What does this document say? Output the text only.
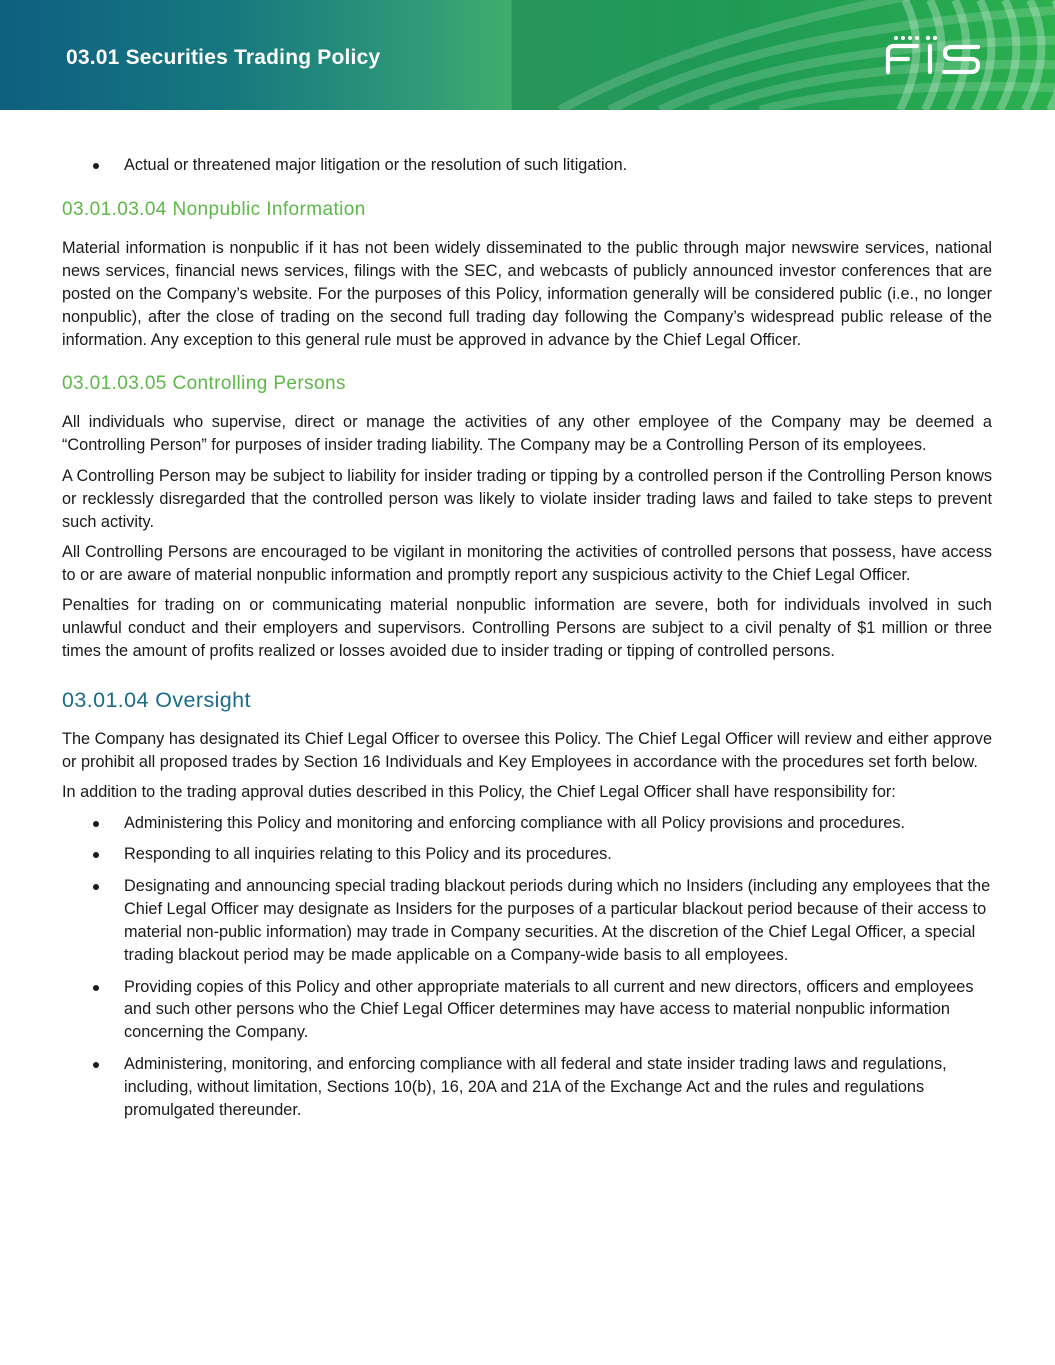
03.01 Securities Trading Policy
Actual or threatened major litigation or the resolution of such litigation.
03.01.03.04 Nonpublic Information

Material information is nonpublic if it has not been widely disseminated to the public through major newswire services, national news services, financial news services, filings with the SEC, and webcasts of publicly announced investor conferences that are posted on the Company’s website. For the purposes of this Policy, information generally will be considered public (i.e., no longer nonpublic), after the close of trading on the second full trading day following the Company’s widespread public release of the information. Any exception to this general rule must be approved in advance by the Chief Legal Officer.

03.01.03.05 Controlling Persons

All individuals who supervise, direct or manage the activities of any other employee of the Company may be deemed a “Controlling Person” for purposes of insider trading liability. The Company may be a Controlling Person of its employees.

A Controlling Person may be subject to liability for insider trading or tipping by a controlled person if the Controlling Person knows or recklessly disregarded that the controlled person was likely to violate insider trading laws and failed to take steps to prevent such activity.

All Controlling Persons are encouraged to be vigilant in monitoring the activities of controlled persons that possess, have access to or are aware of material nonpublic information and promptly report any suspicious activity to the Chief Legal Officer.

Penalties for trading on or communicating material nonpublic information are severe, both for individuals involved in such unlawful conduct and their employers and supervisors. Controlling Persons are subject to a civil penalty of $1 million or three times the amount of profits realized or losses avoided due to insider trading or tipping of controlled persons.

03.01.04 Oversight

The Company has designated its Chief Legal Officer to oversee this Policy. The Chief Legal Officer will review and either approve or prohibit all proposed trades by Section 16 Individuals and Key Employees in accordance with the procedures set forth below.

In addition to the trading approval duties described in this Policy, the Chief Legal Officer shall have responsibility for:

Administering this Policy and monitoring and enforcing compliance with all Policy provisions and procedures.
Responding to all inquiries relating to this Policy and its procedures.
Designating and announcing special trading blackout periods during which no Insiders (including any employees that the Chief Legal Officer may designate as Insiders for the purposes of a particular blackout period because of their access to material non-public information) may trade in Company securities. At the discretion of the Chief Legal Officer, a special trading blackout period may be made applicable on a Company-wide basis to all employees.
Providing copies of this Policy and other appropriate materials to all current and new directors, officers and employees and such other persons who the Chief Legal Officer determines may have access to material nonpublic information concerning the Company.
Administering, monitoring, and enforcing compliance with all federal and state insider trading laws and regulations, including, without limitation, Sections 10(b), 16, 20A and 21A of the Exchange Act and the rules and regulations promulgated thereunder.
